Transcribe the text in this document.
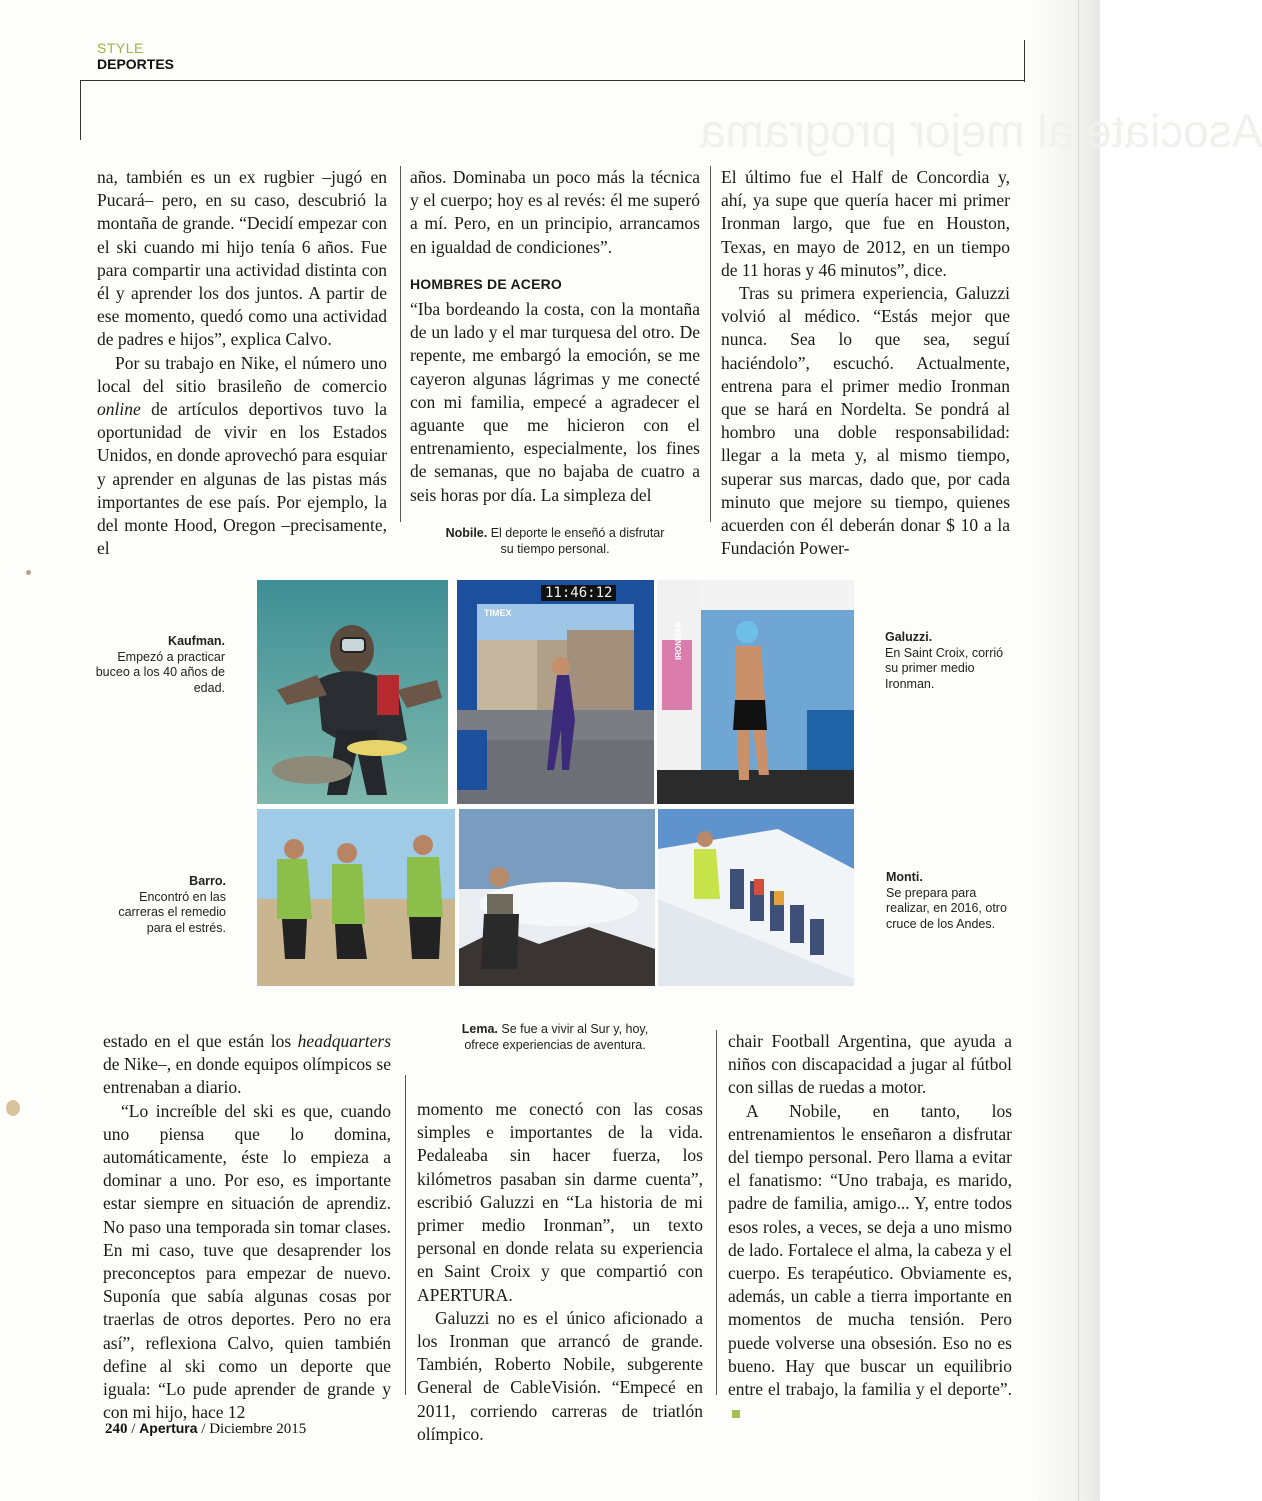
Asociate al mejor programa
STYLE
DEPORTES

na, también es un ex rugbier –jugó en Pucará– pero, en su caso, descubrió la montaña de grande. “Decidí empezar con el ski cuando mi hijo tenía 6 años. Fue para compartir una actividad distinta con él y aprender los dos juntos. A partir de ese momento, quedó como una actividad de padres e hijos”, explica Calvo.

Por su trabajo en Nike, el número uno local del sitio brasileño de comercio online de artículos deportivos tuvo la oportunidad de vivir en los Estados Unidos, en donde aprovechó para esquiar y aprender en algunas de las pistas más importantes de ese país. Por ejemplo, la del monte Hood, Oregon –precisamente, el

años. Dominaba un poco más la técnica y el cuerpo; hoy es al revés: él me superó a mí. Pero, en un principio, arrancamos en igualdad de condiciones”.

HOMBRES DE ACERO

“Iba bordeando la costa, con la montaña de un lado y el mar turquesa del otro. De repente, me embargó la emoción, se me cayeron algunas lágrimas y me conecté con mi familia, empecé a agradecer el aguante que me hicieron con el entrenamiento, especialmente, los fines de semanas, que no bajaba de cuatro a seis horas por día. La simpleza del

El último fue el Half de Concordia y, ahí, ya supe que quería hacer mi primer Ironman largo, que fue en Houston, Texas, en mayo de 2012, en un tiempo de 11 horas y 46 minutos”, dice.

Tras su primera experiencia, Galuzzi volvió al médico. “Estás mejor que nunca. Sea lo que sea, seguí haciéndolo”, escuchó. Actualmente, entrena para el primer medio Ironman que se hará en Nordelta. Se pondrá al hombro una doble responsabilidad: llegar a la meta y, al mismo tiempo, superar sus marcas, dado que, por cada minuto que mejore su tiempo, quienes acuerden con él deberán donar $ 10 a la Fundación Power-

Nobile. El deporte le enseñó a disfrutar su tiempo personal.
11:46:12
TIMEX
IRONMAN
Kaufman.
Empezó a practicar buceo a los 40 años de edad.
Galuzzi.
En Saint Croix, corrió su primer medio Ironman.
Barro.
Encontró en las carreras el remedio para el estrés.
Monti.
Se prepara para realizar, en 2016, otro cruce de los Andes.
Lema. Se fue a vivir al Sur y, hoy, ofrece experiencias de aventura.

estado en el que están los headquarters de Nike–, en donde equipos olímpicos se entrenaban a diario.

“Lo increíble del ski es que, cuando uno piensa que lo domina, automáticamente, éste lo empieza a dominar a uno. Por eso, es importante estar siempre en situación de aprendiz. No paso una temporada sin tomar clases. En mi caso, tuve que desaprender los preconceptos para empezar de nuevo. Suponía que sabía algunas cosas por traerlas de otros deportes. Pero no era así”, reflexiona Calvo, quien también define al ski como un deporte que iguala: “Lo pude aprender de grande y con mi hijo, hace 12

momento me conectó con las cosas simples e importantes de la vida. Pedaleaba sin hacer fuerza, los kilómetros pasaban sin darme cuenta”, escribió Galuzzi en “La historia de mi primer medio Ironman”, un texto personal en donde relata su experiencia en Saint Croix y que compartió con APERTURA.

Galuzzi no es el único aficionado a los Ironman que arrancó de grande. También, Roberto Nobile, subgerente General de CableVisión. “Empecé en 2011, corriendo carreras de triatlón olímpico.

chair Football Argentina, que ayuda a niños con discapacidad a jugar al fútbol con sillas de ruedas a motor.

A Nobile, en tanto, los entrenamientos le enseñaron a disfrutar del tiempo personal. Pero llama a evitar el fanatismo: “Uno trabaja, es marido, padre de familia, amigo... Y, entre todos esos roles, a veces, se deja a uno mismo de lado. Fortalece el alma, la cabeza y el cuerpo. Es terapéutico. Obviamente es, además, un cable a tierra importante en momentos de mucha tensión. Pero puede volverse una obsesión. Eso no es bueno. Hay que buscar un equilibrio entre el trabajo, la familia y el deporte”.

240 / Apertura / Diciembre 2015
